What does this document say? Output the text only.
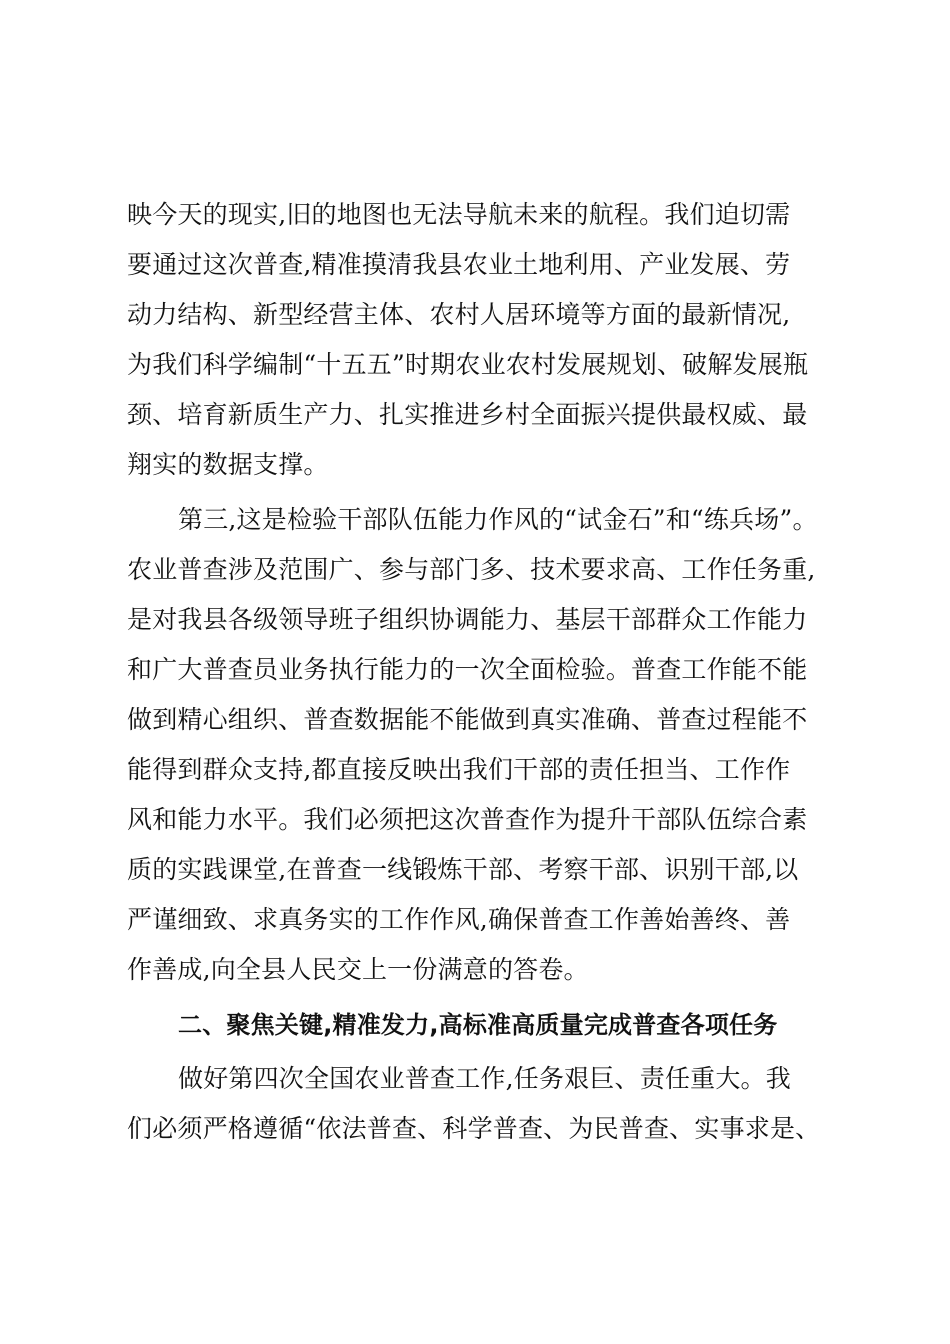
映今天的现实,旧的地图也无法导航未来的航程。我们迫切需
要通过这次普查,精准摸清我县农业土地利用、产业发展、劳
动力结构、新型经营主体、农村人居环境等方面的最新情况,
为我们科学编制“十五五”时期农业农村发展规划、破解发展瓶
颈、培育新质生产力、扎实推进乡村全面振兴提供最权威、最
翔实的数据支撑。
第三,这是检验干部队伍能力作风的“试金石”和“练兵场”。
农业普查涉及范围广、参与部门多、技术要求高、工作任务重,
是对我县各级领导班子组织协调能力、基层干部群众工作能力
和广大普查员业务执行能力的一次全面检验。普查工作能不能
做到精心组织、普查数据能不能做到真实准确、普查过程能不
能得到群众支持,都直接反映出我们干部的责任担当、工作作
风和能力水平。我们必须把这次普查作为提升干部队伍综合素
质的实践课堂,在普查一线锻炼干部、考察干部、识别干部,以
严谨细致、求真务实的工作作风,确保普查工作善始善终、善
作善成,向全县人民交上一份满意的答卷。
二、聚焦关键,精准发力,高标准高质量完成普查各项任务
做好第四次全国农业普查工作,任务艰巨、责任重大。我
们必须严格遵循“依法普查、科学普查、为民普查、实事求是、
